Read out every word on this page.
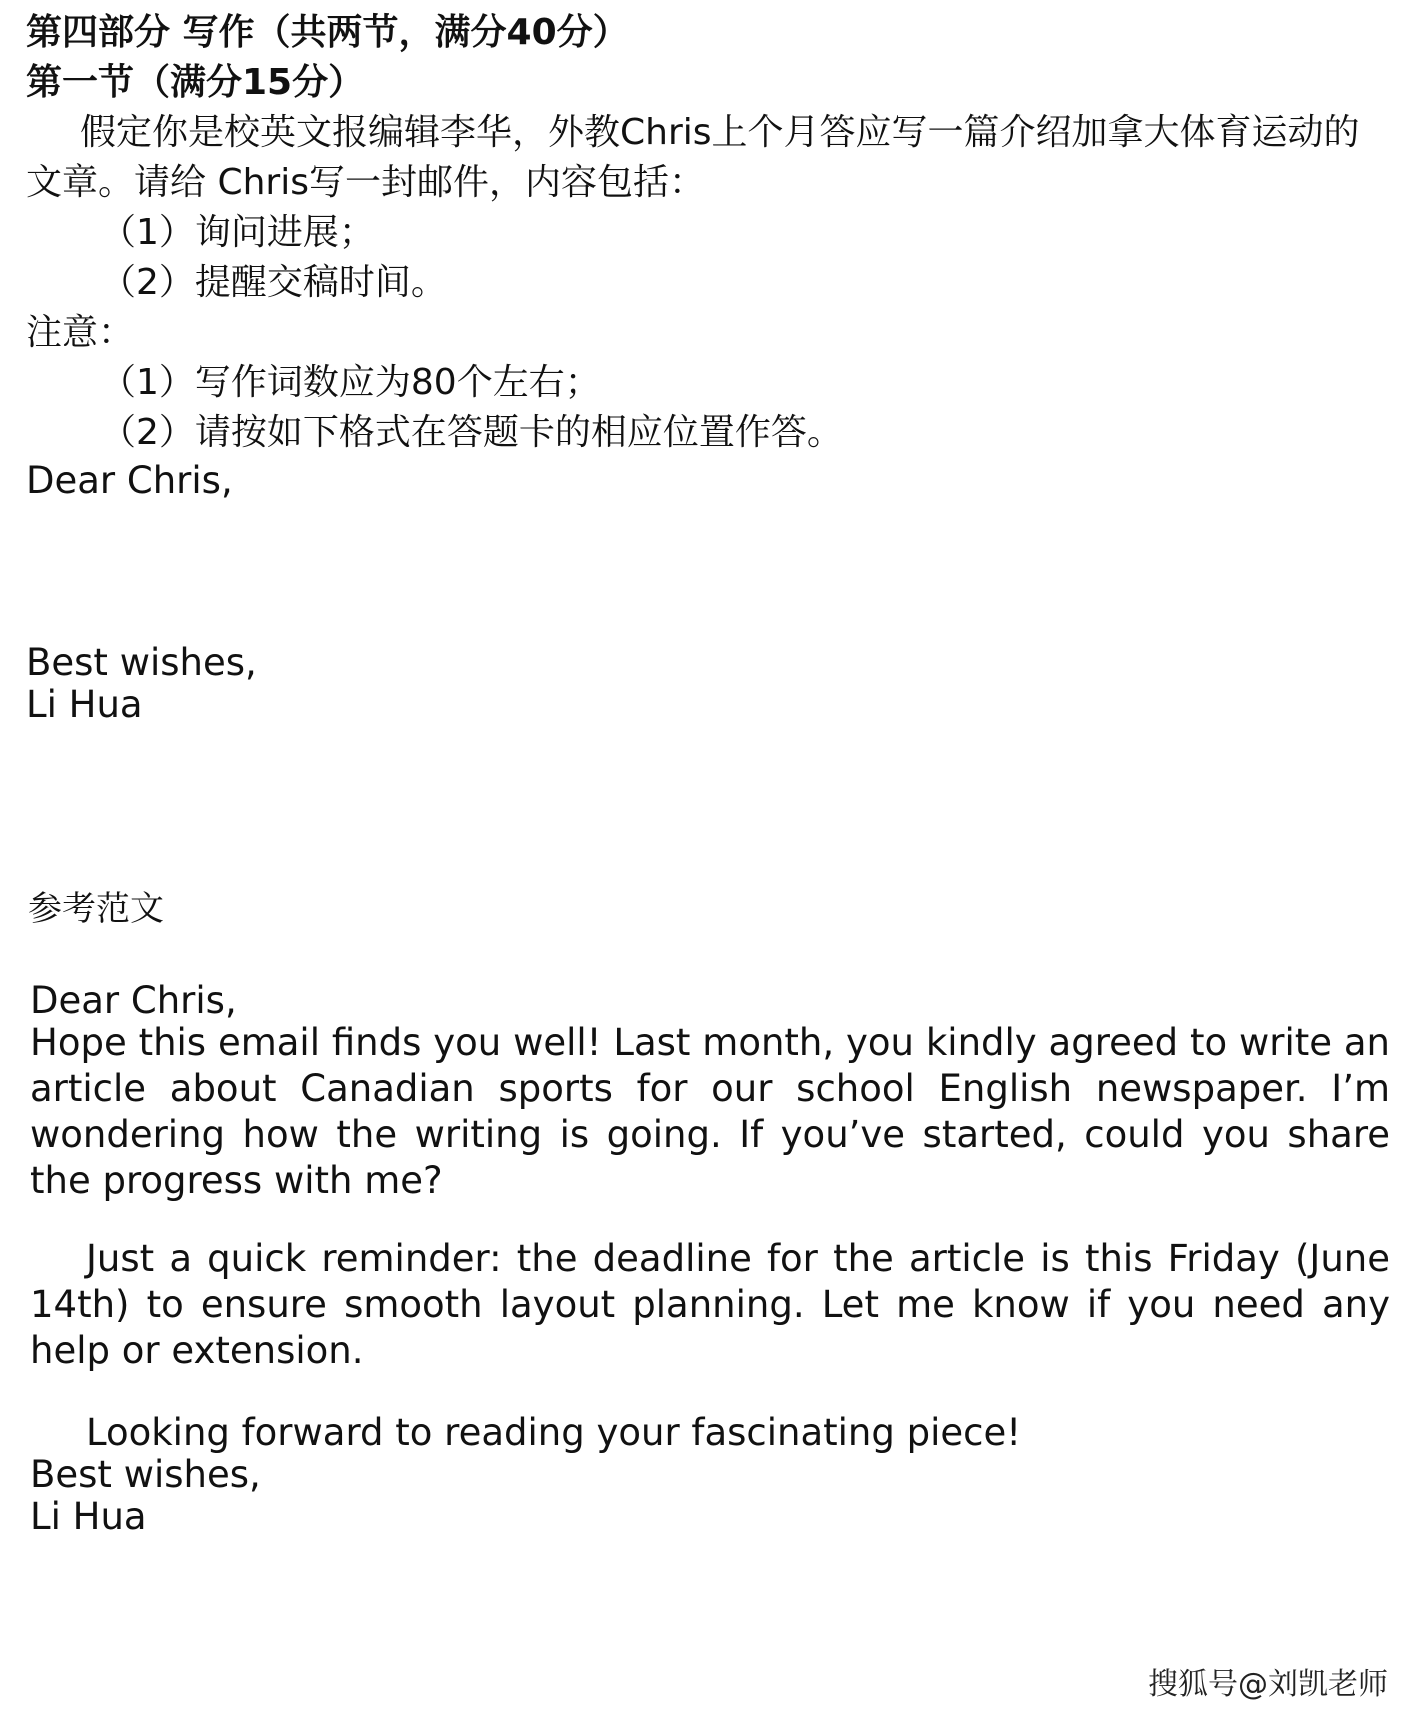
第四部分 写作（共两节，满分40分）

第一节（满分15分）

假定你是校英文报编辑李华，外教Chris上个月答应写一篇介绍加拿大体育运动的

文章。请给 Chris写一封邮件，内容包括：

（1）询问进展；

（2）提醒交稿时间。

注意：

（1）写作词数应为80个左右；

（2）请按如下格式在答题卡的相应位置作答。

Dear Chris,

Best wishes,

Li Hua

参考范文

Dear Chris,

Hope this email finds you well! Last month, you kindly agreed to write an article about Canadian sports for our school English newspaper. I’m wondering how the writing is going. If you’ve started, could you share the progress with me?

Just a quick reminder: the deadline for the article is this Friday (June 14th) to ensure smooth layout planning. Let me know if you need any help or extension.

Looking forward to reading your fascinating piece!

Best wishes,

Li Hua

搜狐号@刘凯老师
